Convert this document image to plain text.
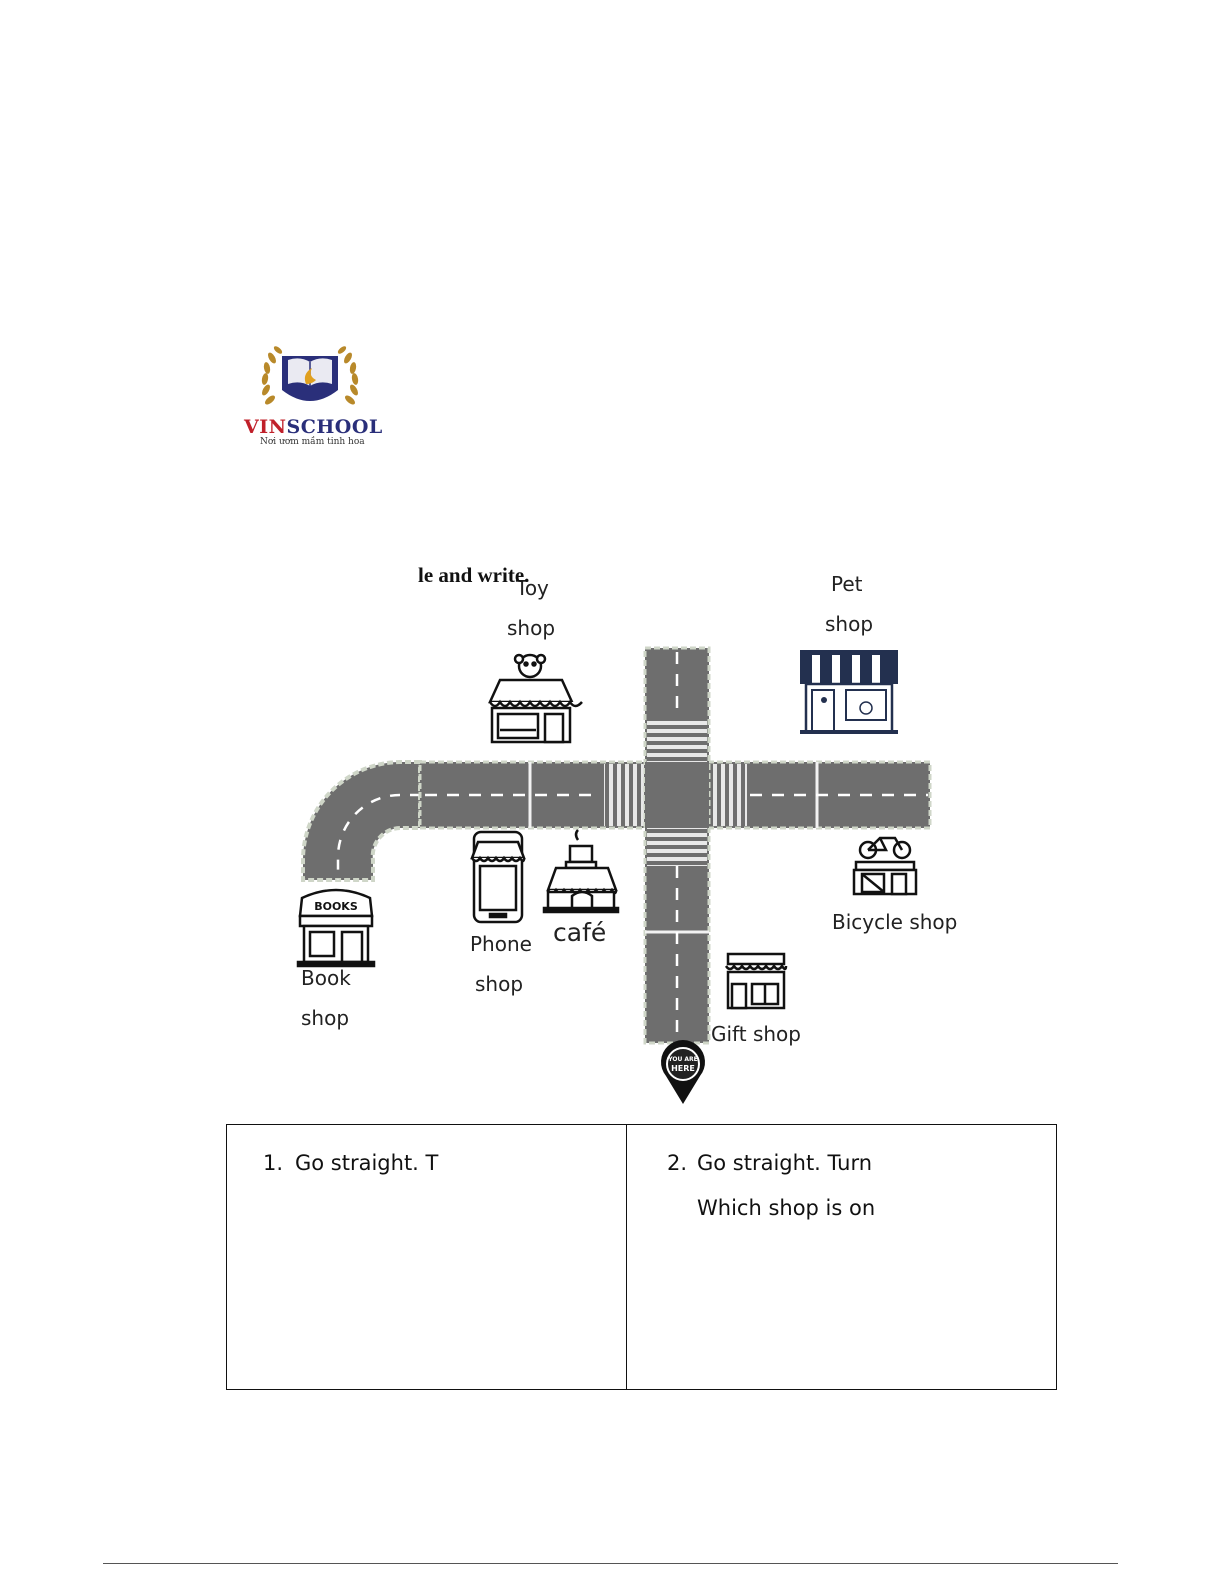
VINSCHOOL
Nơi ươm mầm tinh hoa
BOOKS
YOU ARE
HERE
Toy
shop
le and write.	Pet
shop
Book
shop
Phone
shop
café	Bicycle shop
Gift shop
1. Go straight. T	2. Go straight. Turn
Which shop is on
